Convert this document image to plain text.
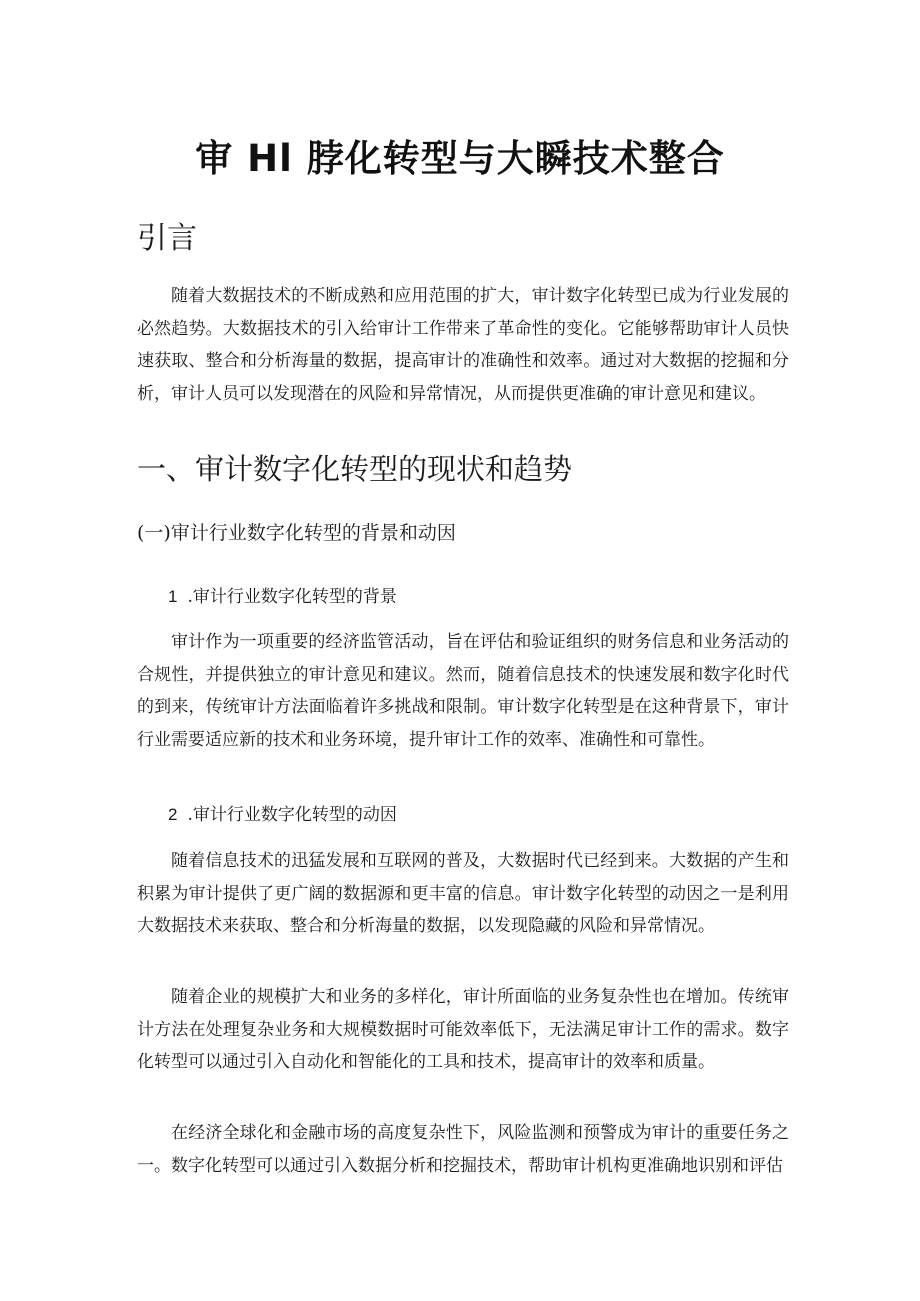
审 Hl 脖化转型与大瞬技术整合
引言

随着大数据技术的不断成熟和应用范围的扩大，审计数字化转型已成为行业发展的必然趋势。大数据技术的引入给审计工作带来了革命性的变化。它能够帮助审计人员快速获取、整合和分析海量的数据，提高审计的准确性和效率。通过对大数据的挖掘和分析，审计人员可以发现潜在的风险和异常情况，从而提供更准确的审计意见和建议。

一、审计数字化转型的现状和趋势
(一)审计行业数字化转型的背景和动因
1 .审计行业数字化转型的背景

审计作为一项重要的经济监管活动，旨在评估和验证组织的财务信息和业务活动的合规性，并提供独立的审计意见和建议。然而，随着信息技术的快速发展和数字化时代的到来，传统审计方法面临着许多挑战和限制。审计数字化转型是在这种背景下，审计行业需要适应新的技术和业务环境，提升审计工作的效率、准确性和可靠性。

2 .审计行业数字化转型的动因

随着信息技术的迅猛发展和互联网的普及，大数据时代已经到来。大数据的产生和积累为审计提供了更广阔的数据源和更丰富的信息。审计数字化转型的动因之一是利用大数据技术来获取、整合和分析海量的数据，以发现隐藏的风险和异常情况。

随着企业的规模扩大和业务的多样化，审计所面临的业务复杂性也在增加。传统审计方法在处理复杂业务和大规模数据时可能效率低下，无法满足审计工作的需求。数字化转型可以通过引入自动化和智能化的工具和技术，提高审计的效率和质量。

在经济全球化和金融市场的高度复杂性下，风险监测和预警成为审计的重要任务之一。数字化转型可以通过引入数据分析和挖掘技术，帮助审计机构更准确地识别和评估
